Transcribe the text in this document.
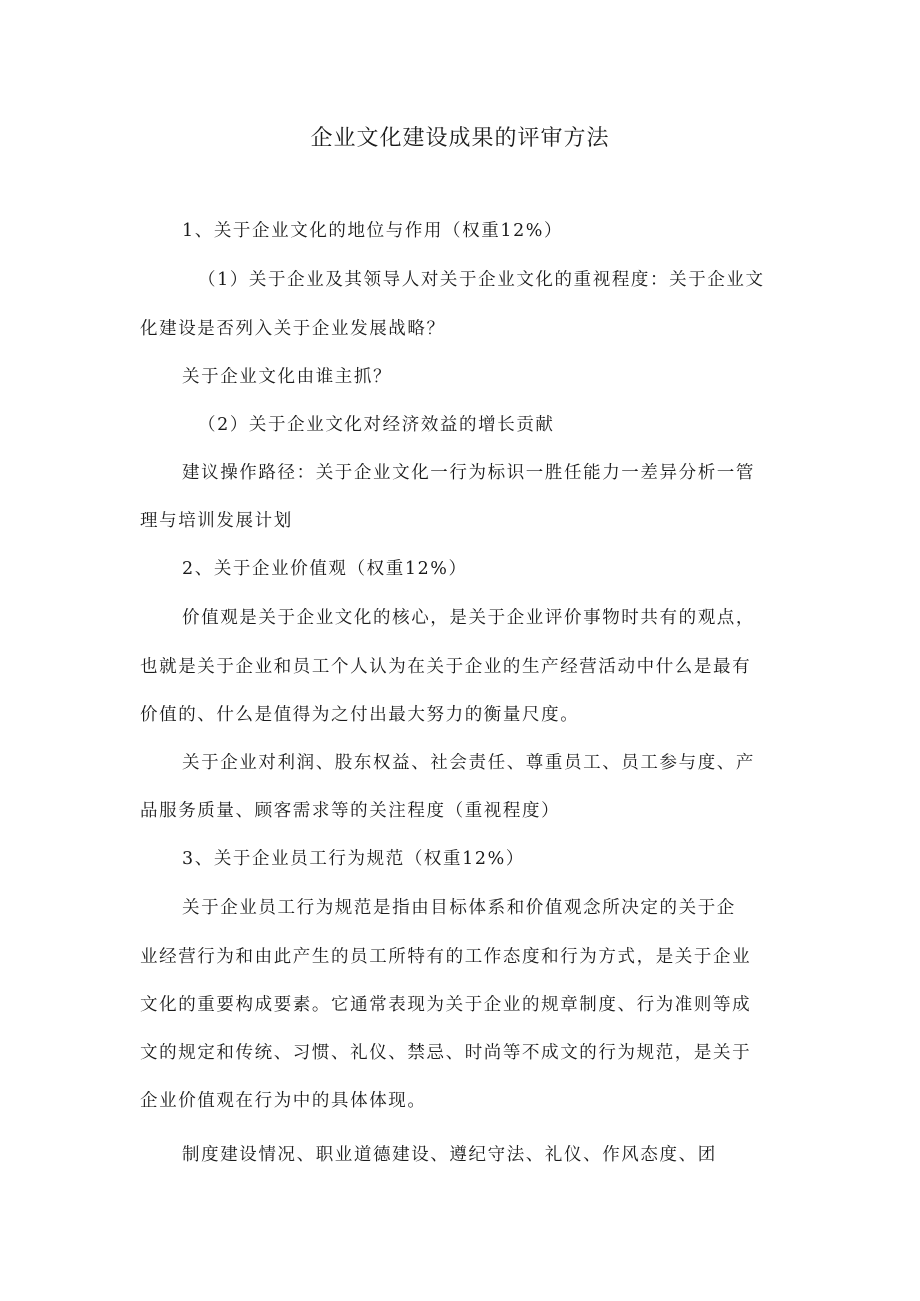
企业文化建设成果的评审方法
1、关于企业文化的地位与作用（权重12%）
（1）关于企业及其领导人对关于企业文化的重视程度：关于企业文
化建设是否列入关于企业发展战略？
关于企业文化由谁主抓？
（2）关于企业文化对经济效益的增长贡献
建议操作路径：关于企业文化一行为标识一胜任能力一差异分析一管
理与培训发展计划
2、关于企业价值观（权重12%）
价值观是关于企业文化的核心，是关于企业评价事物时共有的观点，
也就是关于企业和员工个人认为在关于企业的生产经营活动中什么是最有
价值的、什么是值得为之付出最大努力的衡量尺度。
关于企业对利润、股东权益、社会责任、尊重员工、员工参与度、产
品服务质量、顾客需求等的关注程度（重视程度）
3、关于企业员工行为规范（权重12%）
关于企业员工行为规范是指由目标体系和价值观念所决定的关于企
业经营行为和由此产生的员工所特有的工作态度和行为方式，是关于企业
文化的重要构成要素。它通常表现为关于企业的规章制度、行为准则等成
文的规定和传统、习惯、礼仪、禁忌、时尚等不成文的行为规范，是关于
企业价值观在行为中的具体体现。
制度建设情况、职业道德建设、遵纪守法、礼仪、作风态度、团
